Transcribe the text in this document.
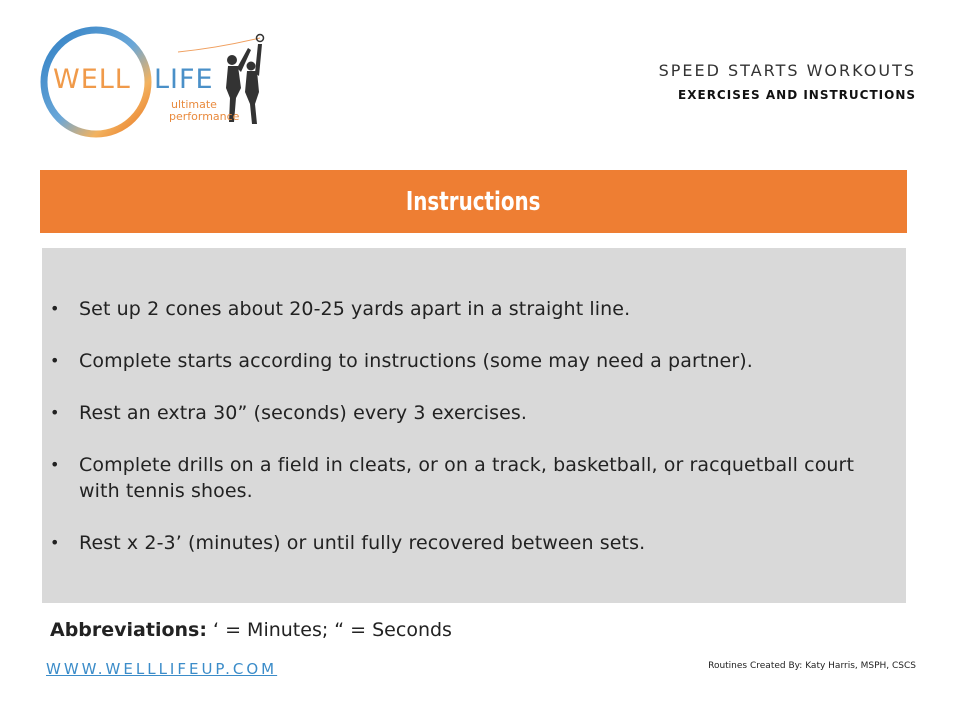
WELL LIFE
ultimate
performance
SPEED STARTS WORKOUTS
EXERCISES AND INSTRUCTIONS
Instructions
• Set up 2 cones about 20-25 yards apart in a straight line.
• Complete starts according to instructions (some may need a partner).
• Rest an extra 30” (seconds) every 3 exercises.
• Complete drills on a field in cleats, or on a track, basketball, or racquetball court with tennis shoes.
• Rest x 2-3’ (minutes) or until fully recovered between sets.
Abbreviations: ‘ = Minutes; “ = Seconds
WWW.WELLLIFEUP.COM	Routines Created By: Katy Harris, MSPH, CSCS
